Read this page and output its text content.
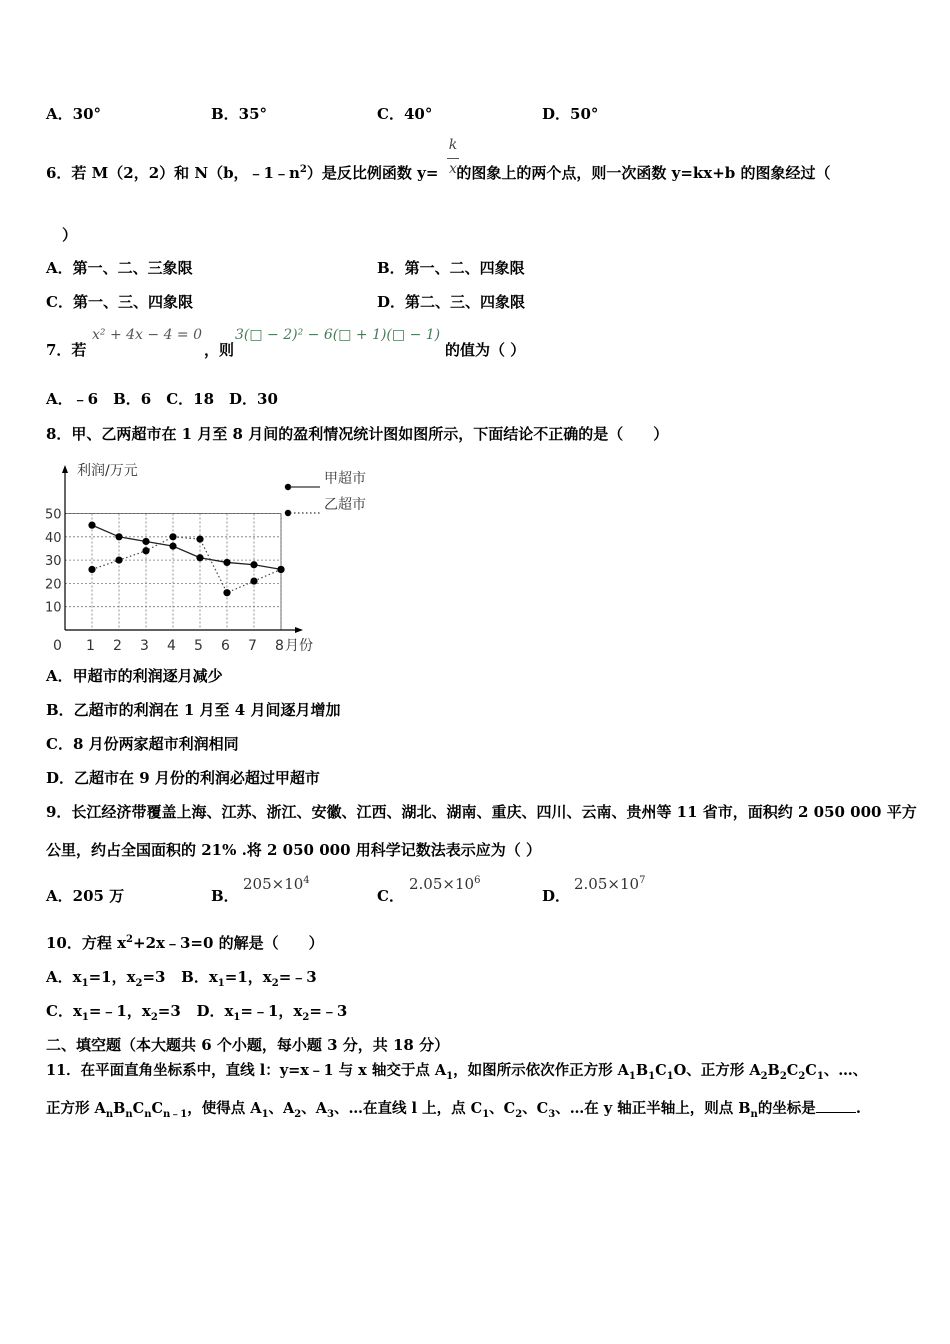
A．30°	B．35°	C．40°	D．50°
6．若 M（2，2）和 N（b，$﹣1﹣n^2$）是反比例函数 y= 的图象上的两个点，则一次函数 y=kx+b 的图象经过（
k
x
）
A．第一、二、三象限	B．第一、二、四象限
C．第一、三、四象限	D．第二、三、四象限
7．若
x² + 4x − 4 = 0
，则
3(□ − 2)² − 6(□ + 1)(□ − 1)
的值为（ ）
A．﹣6　B．6　C．18　D．30
8．甲、乙两超市在 1 月至 8 月间的盈利情况统计图如图所示，下面结论不正确的是（　　）
10
20
30
40
50
0 1 2 3 4 5 6 7 8 月份
利润/万元	甲超市
乙超市
A．甲超市的利润逐月减少
B．乙超市的利润在 1 月至 4 月间逐月增加
C．8 月份两家超市利润相同
D．乙超市在 9 月份的利润必超过甲超市
9．长江经济带覆盖上海、江苏、浙江、安徽、江西、湖北、湖南、重庆、四川、云南、贵州等 11 省市，面积约 2 050 000 平方
公里，约占全国面积的 21% .将 2 050 000 用科学记数法表示应为（ ）
A．205 万	B．
$205\times 10^4$
C．
$2.05\times 10^6$
D．
$2.05\times 10^7$
10．方程 $x^2+2x﹣3=0$ 的解是（　　）
A．$x_1=1$，$x_2=3$ B．$x_1=1$，$x_2=﹣3$
C．$x_1=﹣1$，$x_2=3$ D．$x_1=﹣1$，$x_2=﹣3$
二、填空题（本大题共 6 个小题，每小题 3 分，共 18 分）
11．在平面直角坐标系中，直线 l：y=x﹣1 与 x 轴交于点 $A_1$，如图所示依次作正方形 $A_1B_1C_1O$、正方形 $A_2B_2C_2C_1$、…、
正方形 $A_nB_nC_nC_{n﹣1}$，使得点 $A_1$、$A_2$、$A_3$、…在直线 l 上，点 $C_1$、$C_2$、$C_3$、…在 y 轴正半轴上，则点 $B_n$的坐标是	.
